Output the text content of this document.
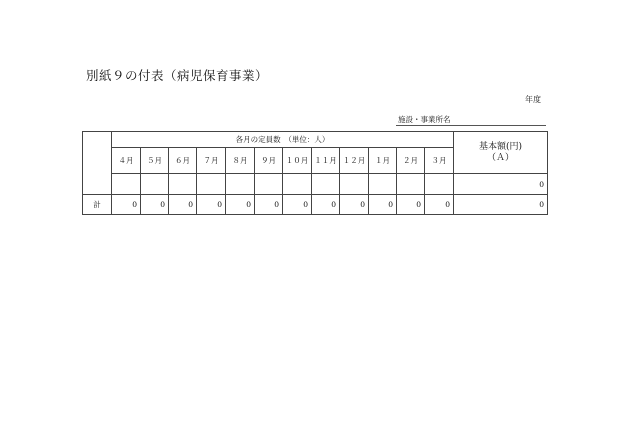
別紙９の付表（病児保育事業）
年度
施設・事業所名
	各月の定員数　（単位：人）												基本額(円)
（Ａ）

	４月	５月	６月	７月	８月	９月	１０月	１１月	１２月	１月	２月	３月	
													0
計	0	0	0	0	0	0	0	0	0	0	0	0	0
